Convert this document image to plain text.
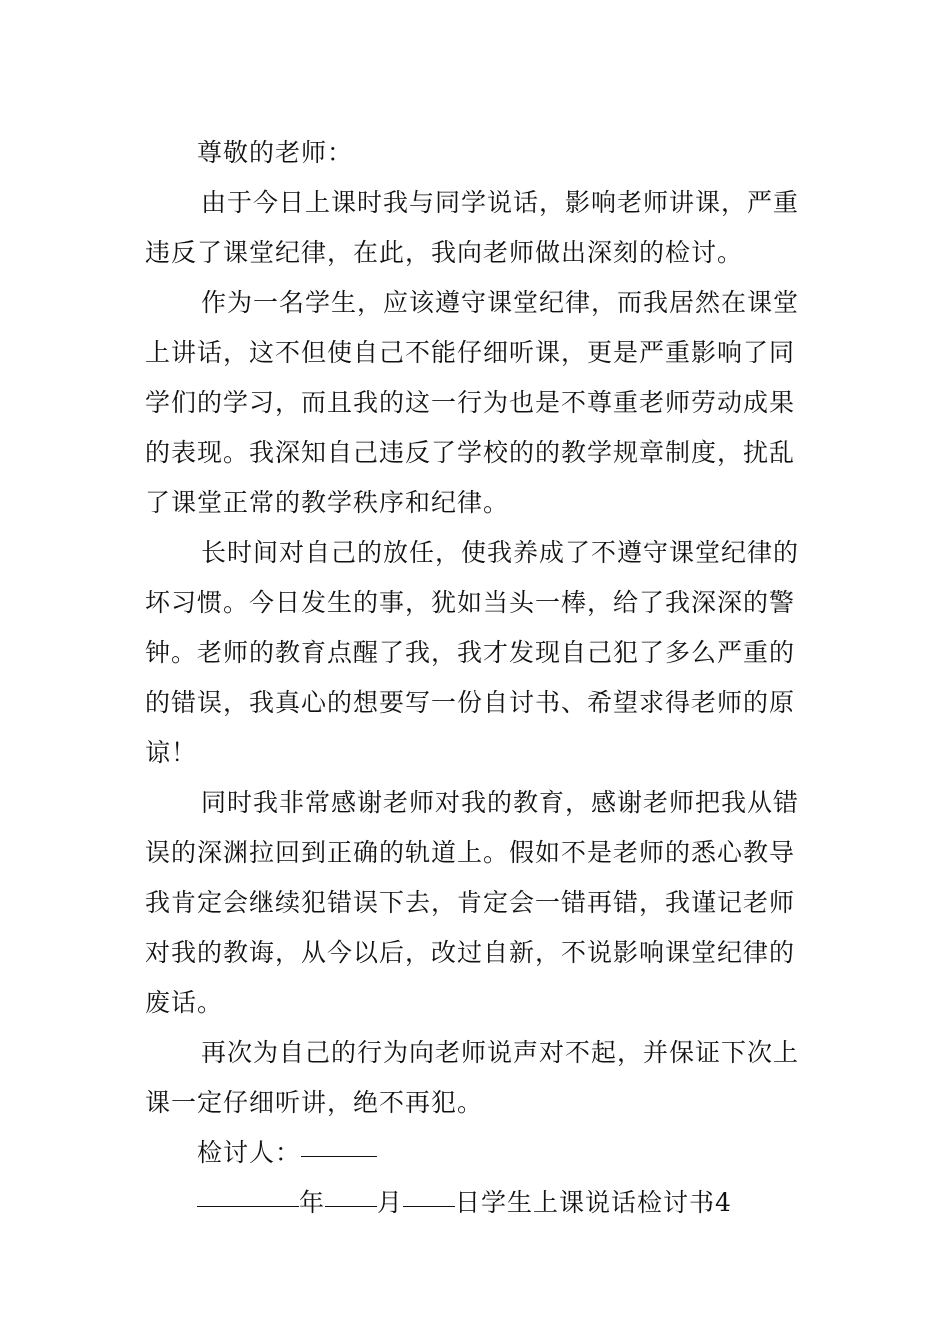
尊敬的老师：
由于今日上课时我与同学说话，影响老师讲课，严重
违反了课堂纪律，在此，我向老师做出深刻的检讨。
作为一名学生，应该遵守课堂纪律，而我居然在课堂
上讲话，这不但使自己不能仔细听课，更是严重影响了同
学们的学习，而且我的这一行为也是不尊重老师劳动成果
的表现。我深知自己违反了学校的的教学规章制度，扰乱
了课堂正常的教学秩序和纪律。
长时间对自己的放任，使我养成了不遵守课堂纪律的
坏习惯。今日发生的事，犹如当头一棒，给了我深深的警
钟。老师的教育点醒了我，我才发现自己犯了多么严重的
的错误，我真心的想要写一份自讨书、希望求得老师的原
谅！
同时我非常感谢老师对我的教育，感谢老师把我从错
误的深渊拉回到正确的轨道上。假如不是老师的悉心教导
我肯定会继续犯错误下去，肯定会一错再错，我谨记老师
对我的教诲，从今以后，改过自新，不说影响课堂纪律的
废话。
再次为自己的行为向老师说声对不起，并保证下次上
课一定仔细听讲，绝不再犯。
检讨人：
年 月 日学生上课说话检讨书4
